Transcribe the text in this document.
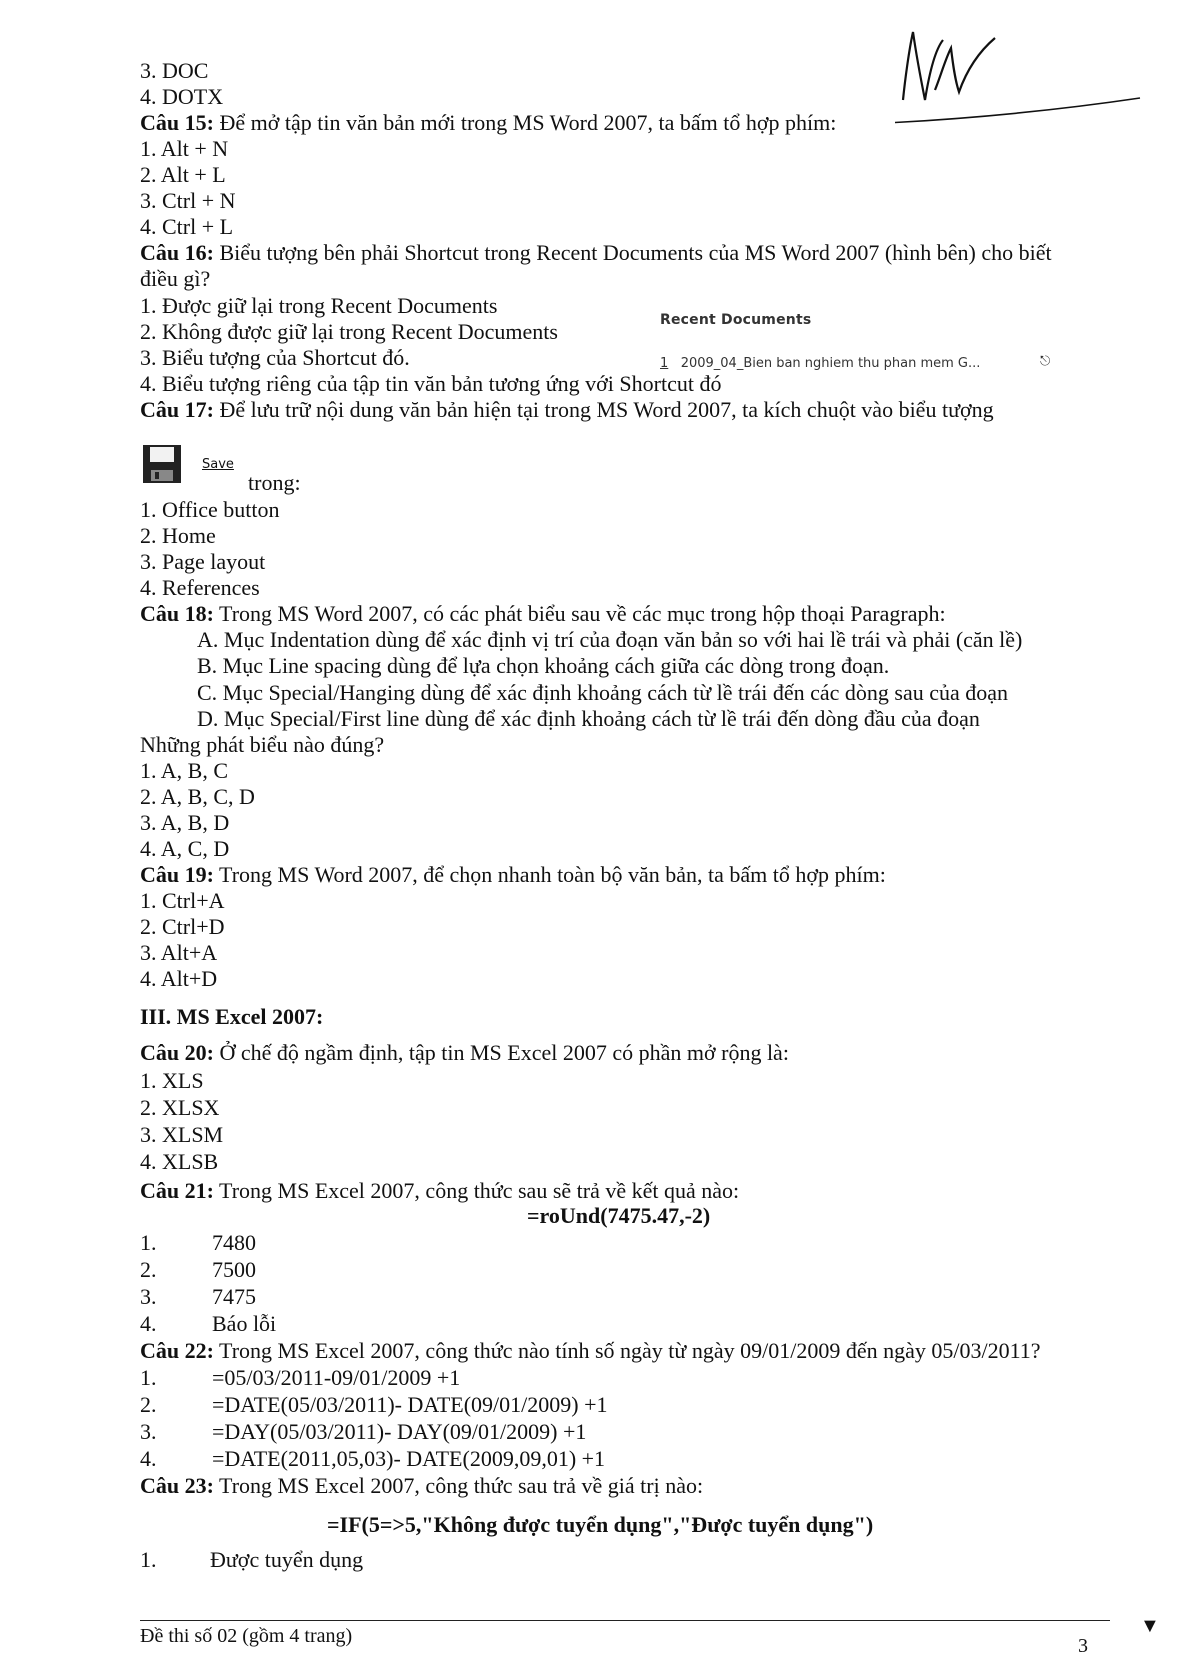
3. DOC
4. DOTX
Câu 15: Để mở tập tin văn bản mới trong MS Word 2007, ta bấm tổ hợp phím:
1. Alt + N
2. Alt + L
3. Ctrl + N
4. Ctrl + L
Câu 16: Biểu tượng bên phải Shortcut trong Recent Documents của MS Word 2007 (hình bên) cho biết
điều gì?
1. Được giữ lại trong Recent Documents
2. Không được giữ lại trong Recent Documents
3. Biểu tượng của Shortcut đó.
4. Biểu tượng riêng của tập tin văn bản tương ứng với Shortcut đó
Recent Documents
1 2009_04_Bien ban nghiem thu phan mem G...	⎋
Câu 17: Để lưu trữ nội dung văn bản hiện tại trong MS Word 2007, ta kích chuột vào biểu tượng
Save
trong:
1. Office button
2. Home
3. Page layout
4. References
Câu 18: Trong MS Word 2007, có các phát biểu sau về các mục trong hộp thoại Paragraph:
A. Mục Indentation dùng để xác định vị trí của đoạn văn bản so với hai lề trái và phải (căn lề)
B. Mục Line spacing dùng để lựa chọn khoảng cách giữa các dòng trong đoạn.
C. Mục Special/Hanging dùng để xác định khoảng cách từ lề trái đến các dòng sau của đoạn
D. Mục Special/First line dùng để xác định khoảng cách từ lề trái đến dòng đầu của đoạn
Những phát biểu nào đúng?
1. A, B, C
2. A, B, C, D
3. A, B, D
4. A, C, D
Câu 19: Trong MS Word 2007, để chọn nhanh toàn bộ văn bản, ta bấm tổ hợp phím:
1. Ctrl+A
2. Ctrl+D
3. Alt+A
4. Alt+D
III. MS Excel 2007:
Câu 20: Ở chế độ ngầm định, tập tin MS Excel 2007 có phần mở rộng là:
1. XLS
2. XLSX
3. XLSM
4. XLSB
Câu 21: Trong MS Excel 2007, công thức sau sẽ trả về kết quả nào:
=roUnd(7475.47,-2)
1.	7480
2.	7500
3.	7475
4.	Báo lỗi
Câu 22: Trong MS Excel 2007, công thức nào tính số ngày từ ngày 09/01/2009 đến ngày 05/03/2011?
1.	=05/03/2011-09/01/2009 +1
2.	=DATE(05/03/2011)- DATE(09/01/2009) +1
3.	=DAY(05/03/2011)- DAY(09/01/2009) +1
4.	=DATE(2011,05,03)- DATE(2009,09,01) +1
Câu 23: Trong MS Excel 2007, công thức sau trả về giá trị nào:
=IF(5=>5,"Không được tuyển dụng","Được tuyển dụng")
1. Được tuyển dụng
Đề thi số 02 (gồm 4 trang)	3
▼
